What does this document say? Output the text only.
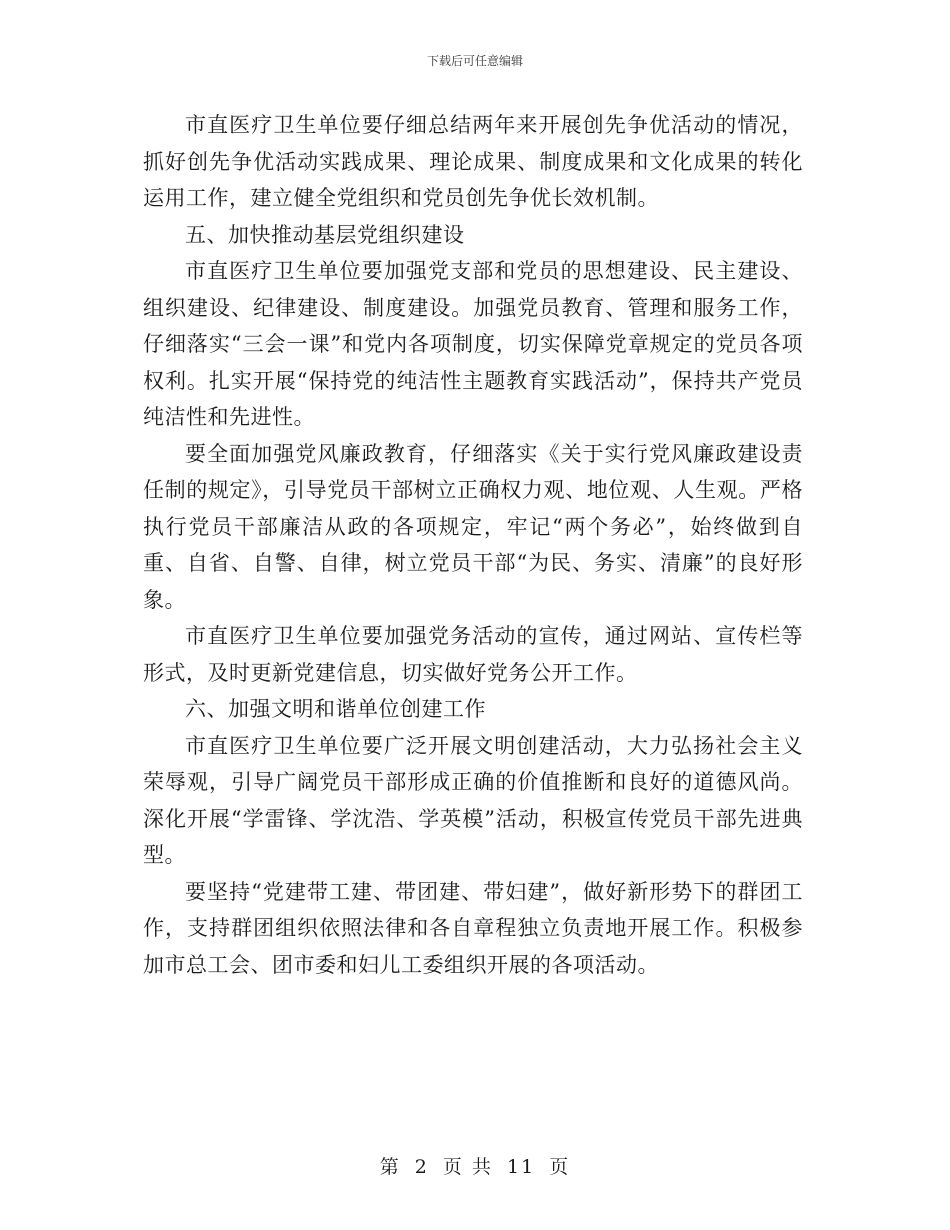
下载后可任意编辑

市直医疗卫生单位要仔细总结两年来开展创先争优活动的情况，抓好创先争优活动实践成果、理论成果、制度成果和文化成果的转化运用工作，建立健全党组织和党员创先争优长效机制。

五、加快推动基层党组织建设

市直医疗卫生单位要加强党支部和党员的思想建设、民主建设、组织建设、纪律建设、制度建设。加强党员教育、管理和服务工作，仔细落实“三会一课”和党内各项制度，切实保障党章规定的党员各项权利。扎实开展“保持党的纯洁性主题教育实践活动”，保持共产党员纯洁性和先进性。

要全面加强党风廉政教育，仔细落实《关于实行党风廉政建设责任制的规定》，引导党员干部树立正确权力观、地位观、人生观。严格执行党员干部廉洁从政的各项规定，牢记“两个务必”，始终做到自重、自省、自警、自律，树立党员干部“为民、务实、清廉”的良好形象。

市直医疗卫生单位要加强党务活动的宣传，通过网站、宣传栏等形式，及时更新党建信息，切实做好党务公开工作。

六、加强文明和谐单位创建工作

市直医疗卫生单位要广泛开展文明创建活动，大力弘扬社会主义荣辱观，引导广阔党员干部形成正确的价值推断和良好的道德风尚。深化开展“学雷锋、学沈浩、学英模”活动，积极宣传党员干部先进典型。

要坚持“党建带工建、带团建、带妇建”，做好新形势下的群团工作，支持群团组织依照法律和各自章程独立负责地开展工作。积极参加市总工会、团市委和妇儿工委组织开展的各项活动。

第 2 页 共 11 页
